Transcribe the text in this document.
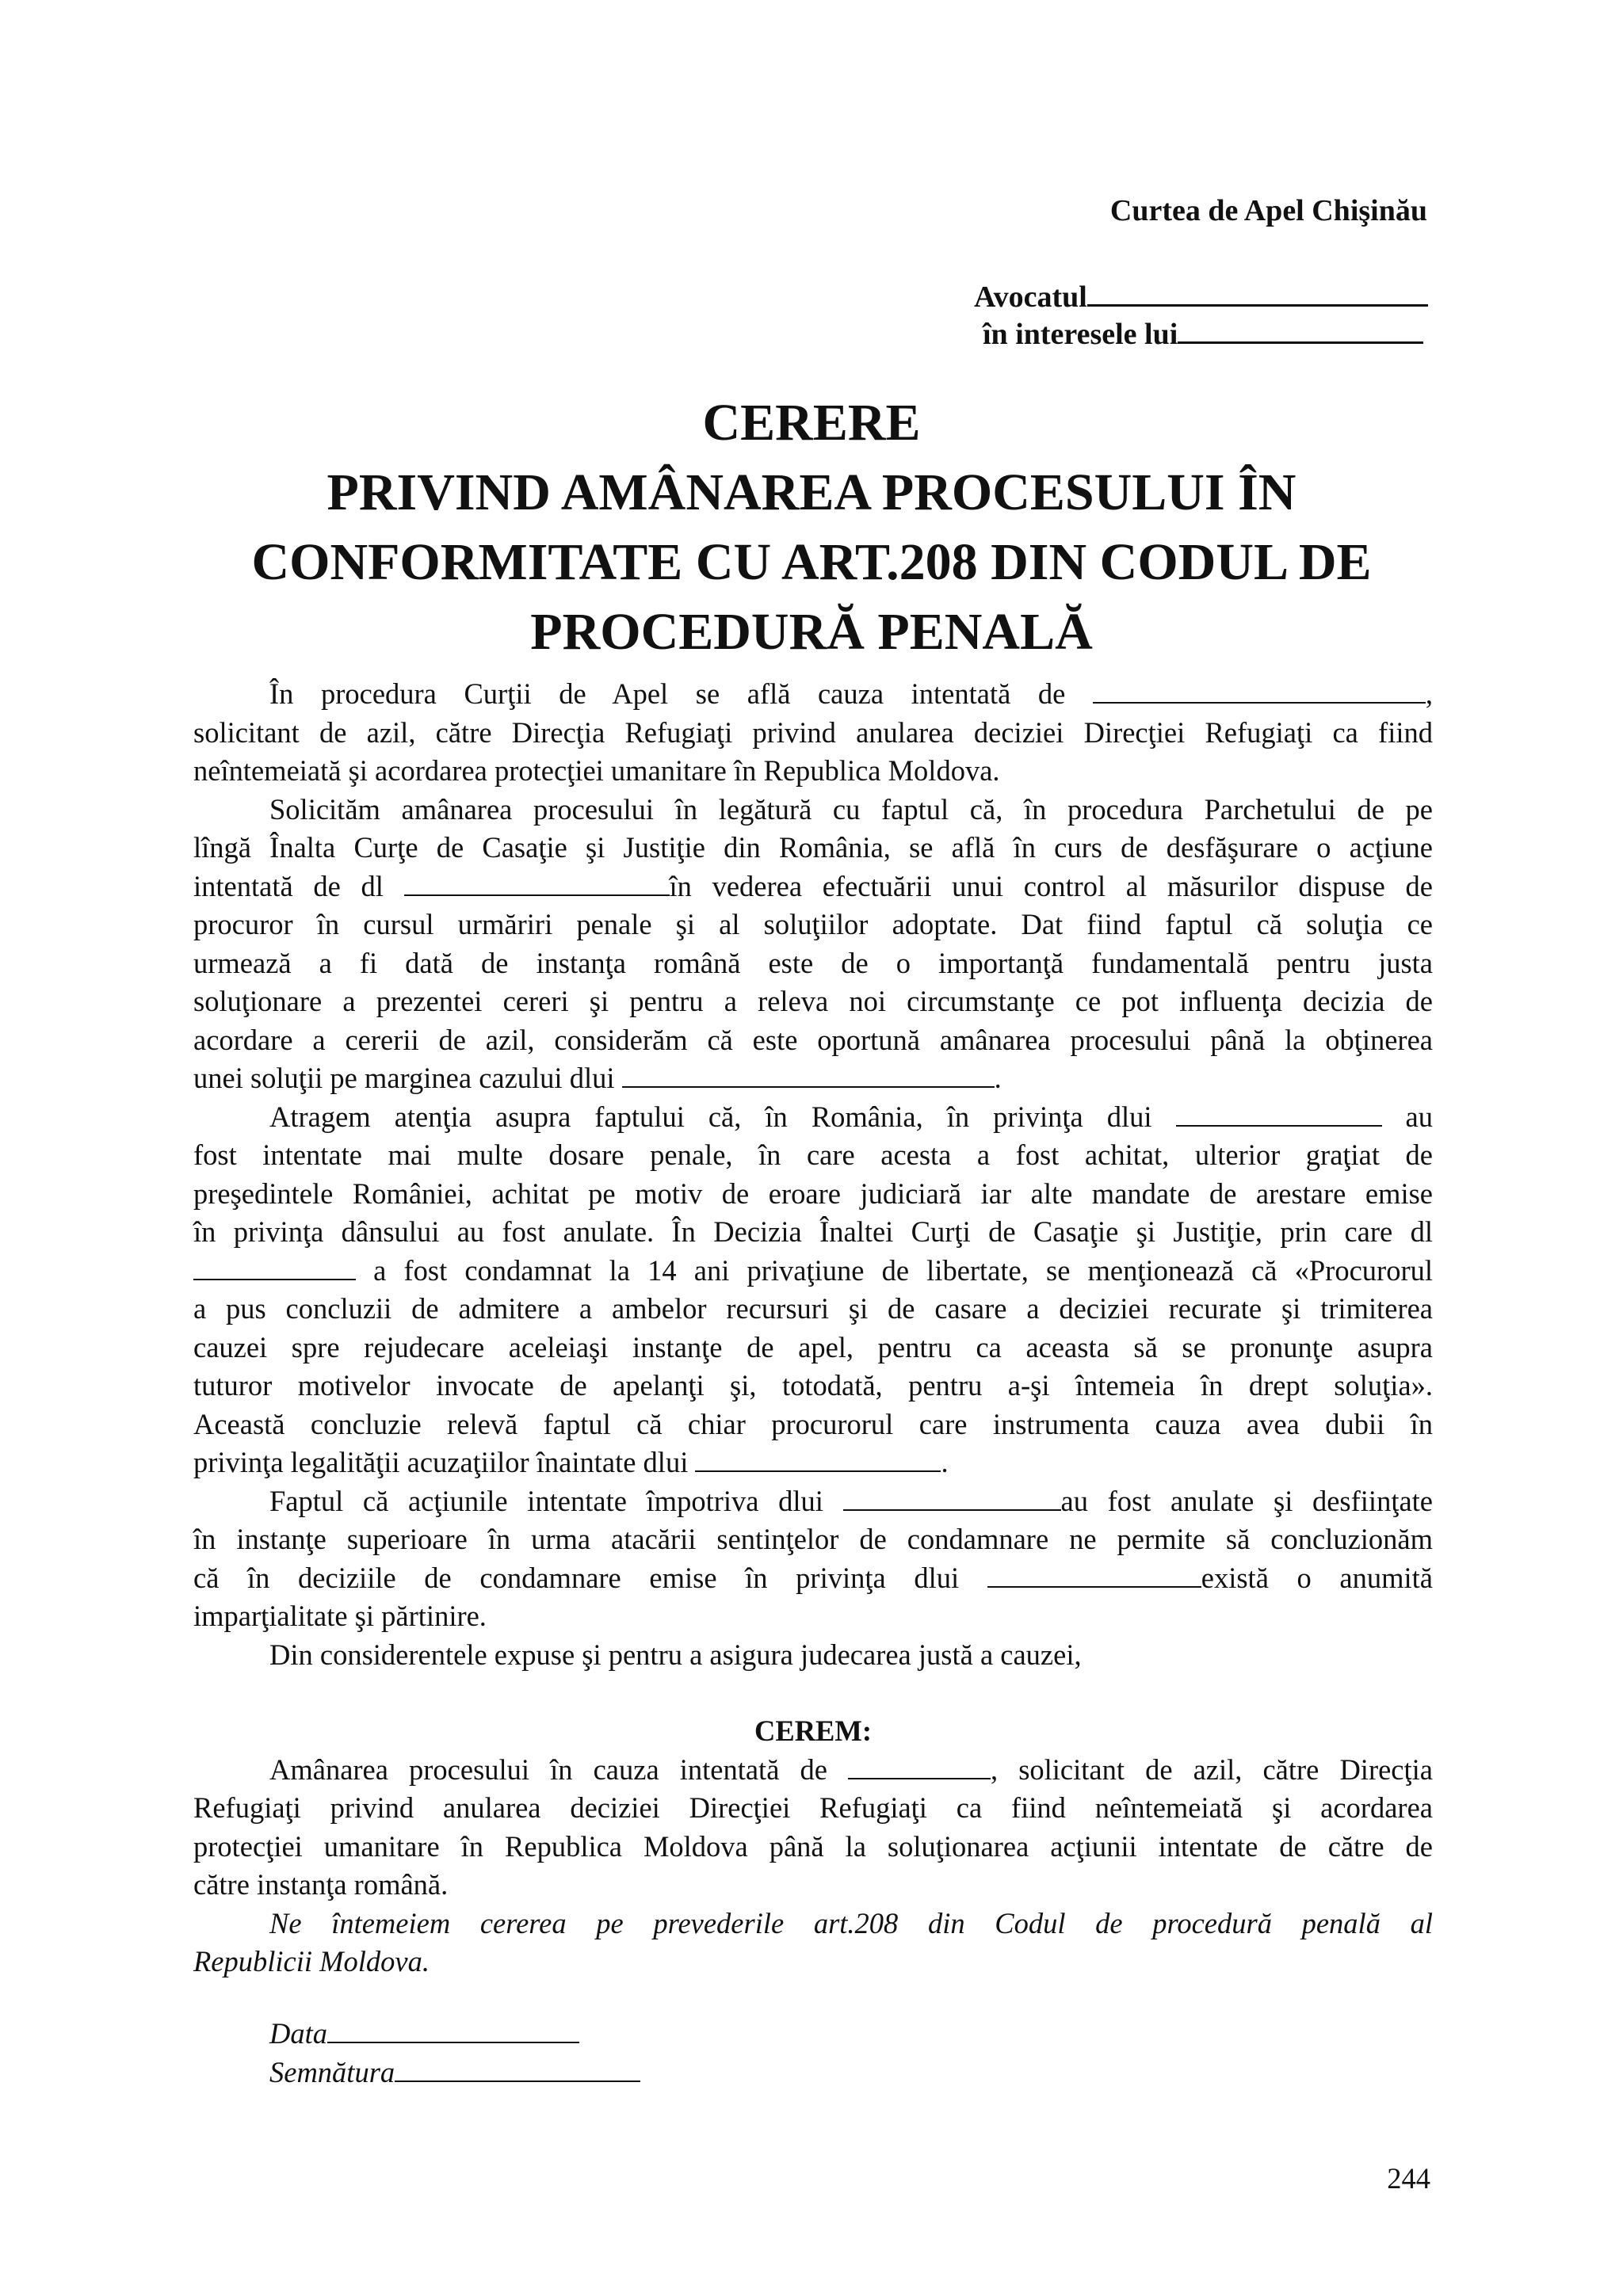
Curtea de Apel Chişinău
Avocatul
în interesele lui
CERERE
PRIVIND AMÂNAREA PROCESULUI ÎN
CONFORMITATE CU ART.208 DIN CODUL DE
PROCEDURĂ PENALĂ
În procedura Curţii de Apel se află cauza intentată de	,
solicitant de azil, către Direcţia Refugiaţi privind anularea deciziei Direcţiei Refugiaţi ca fiind
neîntemeiată şi acordarea protecţiei umanitare în Republica Moldova.
Solicităm amânarea procesului în legătură cu faptul că, în procedura Parchetului de pe
lîngă Înalta Curţe de Casaţie şi Justiţie din România, se află în curs de desfăşurare o acţiune
intentată de dl	în vederea efectuării unui control al măsurilor dispuse de
procuror în cursul urmăriri penale şi al soluţiilor adoptate. Dat fiind faptul că soluţia ce
urmează a fi dată de instanţa română este de o importanţă fundamentală pentru justa
soluţionare a prezentei cereri şi pentru a releva noi circumstanţe ce pot influenţa decizia de
acordare a cererii de azil, considerăm că este oportună amânarea procesului până la obţinerea
unei soluţii pe marginea cazului dlui	.
Atragem atenţia asupra faptului că, în România, în privinţa dlui	au
fost intentate mai multe dosare penale, în care acesta a fost achitat, ulterior graţiat de
preşedintele României, achitat pe motiv de eroare judiciară iar alte mandate de arestare emise
în privinţa dânsului au fost anulate. În Decizia Înaltei Curţi de Casaţie şi Justiţie, prin care dl
a fost condamnat la 14 ani privaţiune de libertate, se menţionează că «Procurorul
a pus concluzii de admitere a ambelor recursuri şi de casare a deciziei recurate şi trimiterea
cauzei spre rejudecare aceleiaşi instanţe de apel, pentru ca aceasta să se pronunţe asupra
tuturor motivelor invocate de apelanţi şi, totodată, pentru a-şi întemeia în drept soluţia».
Această concluzie relevă faptul că chiar procurorul care instrumenta cauza avea dubii în
privinţa legalităţii acuzaţiilor înaintate dlui	.
Faptul că acţiunile intentate împotriva dlui	au fost anulate şi desfiinţate
în instanţe superioare în urma atacării sentinţelor de condamnare ne permite să concluzionăm
că în deciziile de condamnare emise în privinţa dlui	există o anumită
imparţialitate şi părtinire.
Din considerentele expuse şi pentru a asigura judecarea justă a cauzei,
CEREM:
Amânarea procesului în cauza intentată de	, solicitant de azil, către Direcţia
Refugiaţi privind anularea deciziei Direcţiei Refugiaţi ca fiind neîntemeiată şi acordarea
protecţiei umanitare în Republica Moldova până la soluţionarea acţiunii intentate de către de
către instanţa română.
Ne întemeiem cererea pe prevederile art.208 din Codul de procedură penală al
Republicii Moldova.
Data
Semnătura
244
